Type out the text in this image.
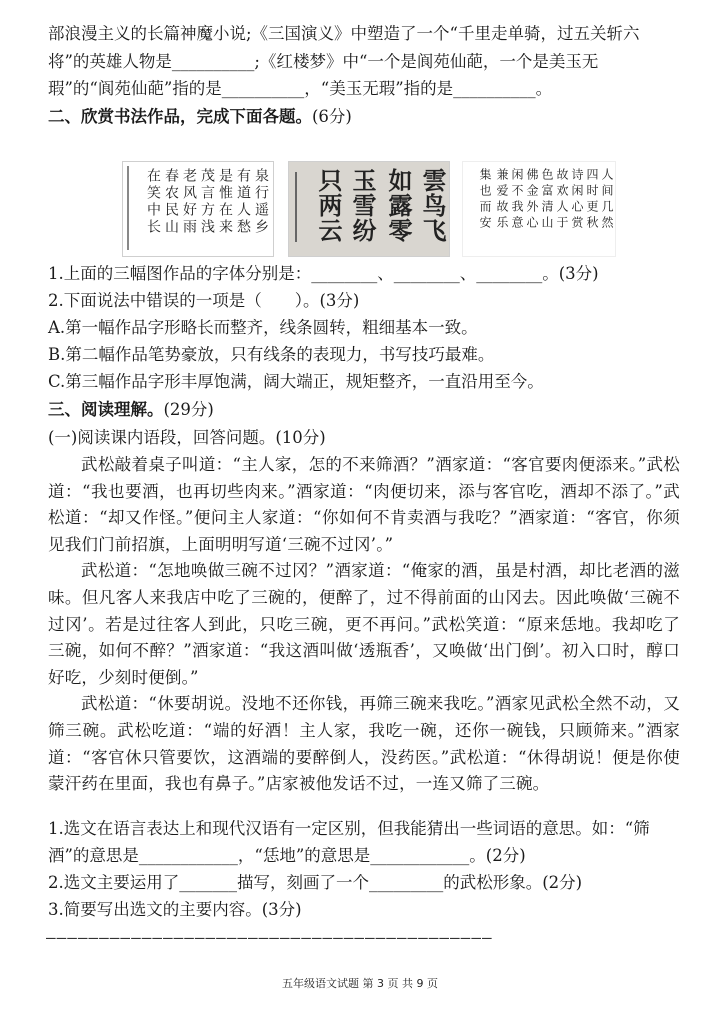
部浪漫主义的长篇神魔小说;《三国演义》中塑造了一个“千里走单骑，过五关斩六
将”的英雄人物是__________;《红楼梦》中“一个是阆苑仙葩，一个是美玉无
瑕”的“阆苑仙葩”指的是__________，“美玉无瑕”指的是__________。
二、欣赏书法作品，完成下面各题。(6分)
泉行遥乡
有道人愁
是惟在来
茂言方浅
老风好雨
春农民山
在笑中长	雲鸟飞
如露零
玉雪纷
只两云	人间几然
四时更秋
诗闲心赏
故欢人于
色富清山
佛金外心
闲不我意
兼爱故乐
集也而安
1.上面的三幅图作品的字体分别是：________、________、________。(3分)
2.下面说法中错误的一项是（　　）。(3分)
A.第一幅作品字形略长而整齐，线条圆转，粗细基本一致。
B.第二幅作品笔势豪放，只有线条的表现力，书写技巧最难。
C.第三幅作品字形丰厚饱满，阔大端正，规矩整齐，一直沿用至今。
三、阅读理解。(29分)
(一)阅读课内语段，回答问题。(10分)

武松敲着桌子叫道：“主人家，怎的不来筛酒？”酒家道：“客官要肉便添来。”武松道：“我也要酒，也再切些肉来。”酒家道：“肉便切来，添与客官吃，酒却不添了。”武松道：“却又作怪。”便问主人家道：“你如何不肯卖酒与我吃？”酒家道：“客官，你须见我们门前招旗，上面明明写道‘三碗不过冈’。”

武松道：“怎地唤做三碗不过冈？”酒家道：“俺家的酒，虽是村酒，却比老酒的滋味。但凡客人来我店中吃了三碗的，便醉了，过不得前面的山冈去。因此唤做‘三碗不过冈’。若是过往客人到此，只吃三碗，更不再问。”武松笑道：“原来恁地。我却吃了三碗，如何不醉？”酒家道：“我这酒叫做‘透瓶香’，又唤做‘出门倒’。初入口时，醇口好吃，少刻时便倒。”

武松道：“休要胡说。没地不还你钱，再筛三碗来我吃。”酒家见武松全然不动，又筛三碗。武松吃道：“端的好酒！主人家，我吃一碗，还你一碗钱，只顾筛来。”酒家道：“客官休只管要饮，这酒端的要醉倒人，没药医。”武松道：“休得胡说！便是你使蒙汗药在里面，我也有鼻子。”店家被他发话不过，一连又筛了三碗。

1.选文在语言表达上和现代汉语有一定区别，但我能猜出一些词语的意思。如：“筛
酒”的意思是____________，“恁地”的意思是____________。(2分)
2.选文主要运用了_______描写，刻画了一个_________的武松形象。(2分)
3.简要写出选文的主要内容。(3分)
——————————————————————————————————————————
五年级语文试题 第 3 页 共 9 页
